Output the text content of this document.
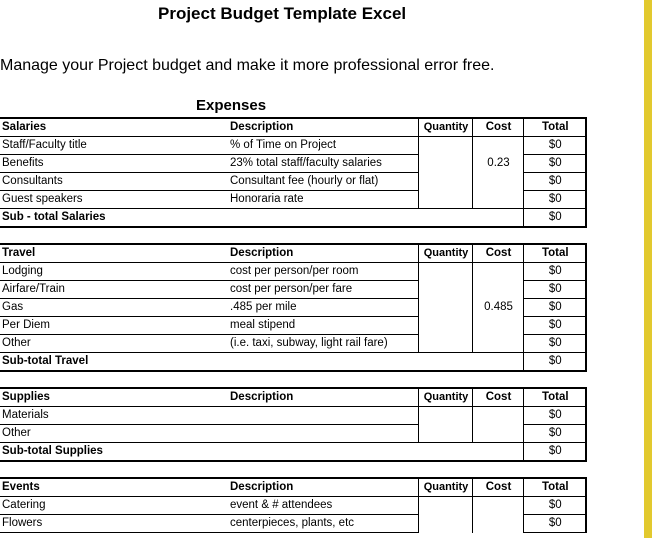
Project Budget Template Excel
Manage your Project budget and make it more professional error free.
Expenses
Salaries	Description	Quantity	Cost	Total
Staff/Faculty title	% of Time on Project			$0
Benefits	23% total staff/faculty salaries		0.23	$0
Consultants	Consultant fee (hourly or flat)			$0
Guest speakers	Honoraria rate			$0
Sub - total Salaries				$0
Travel	Description	Quantity	Cost	Total
Lodging	cost per person/per room			$0
Airfare/Train	cost per person/per fare			$0
Gas	.485 per mile		0.485	$0
Per Diem	meal stipend			$0
Other	(i.e. taxi, subway, light rail fare)			$0
Sub-total Travel				$0
Supplies	Description	Quantity	Cost	Total
Materials				$0
Other				$0
Sub-total Supplies				$0
Events	Description	Quantity	Cost	Total
Catering	event & # attendees			$0
Flowers	centerpieces, plants, etc			$0
